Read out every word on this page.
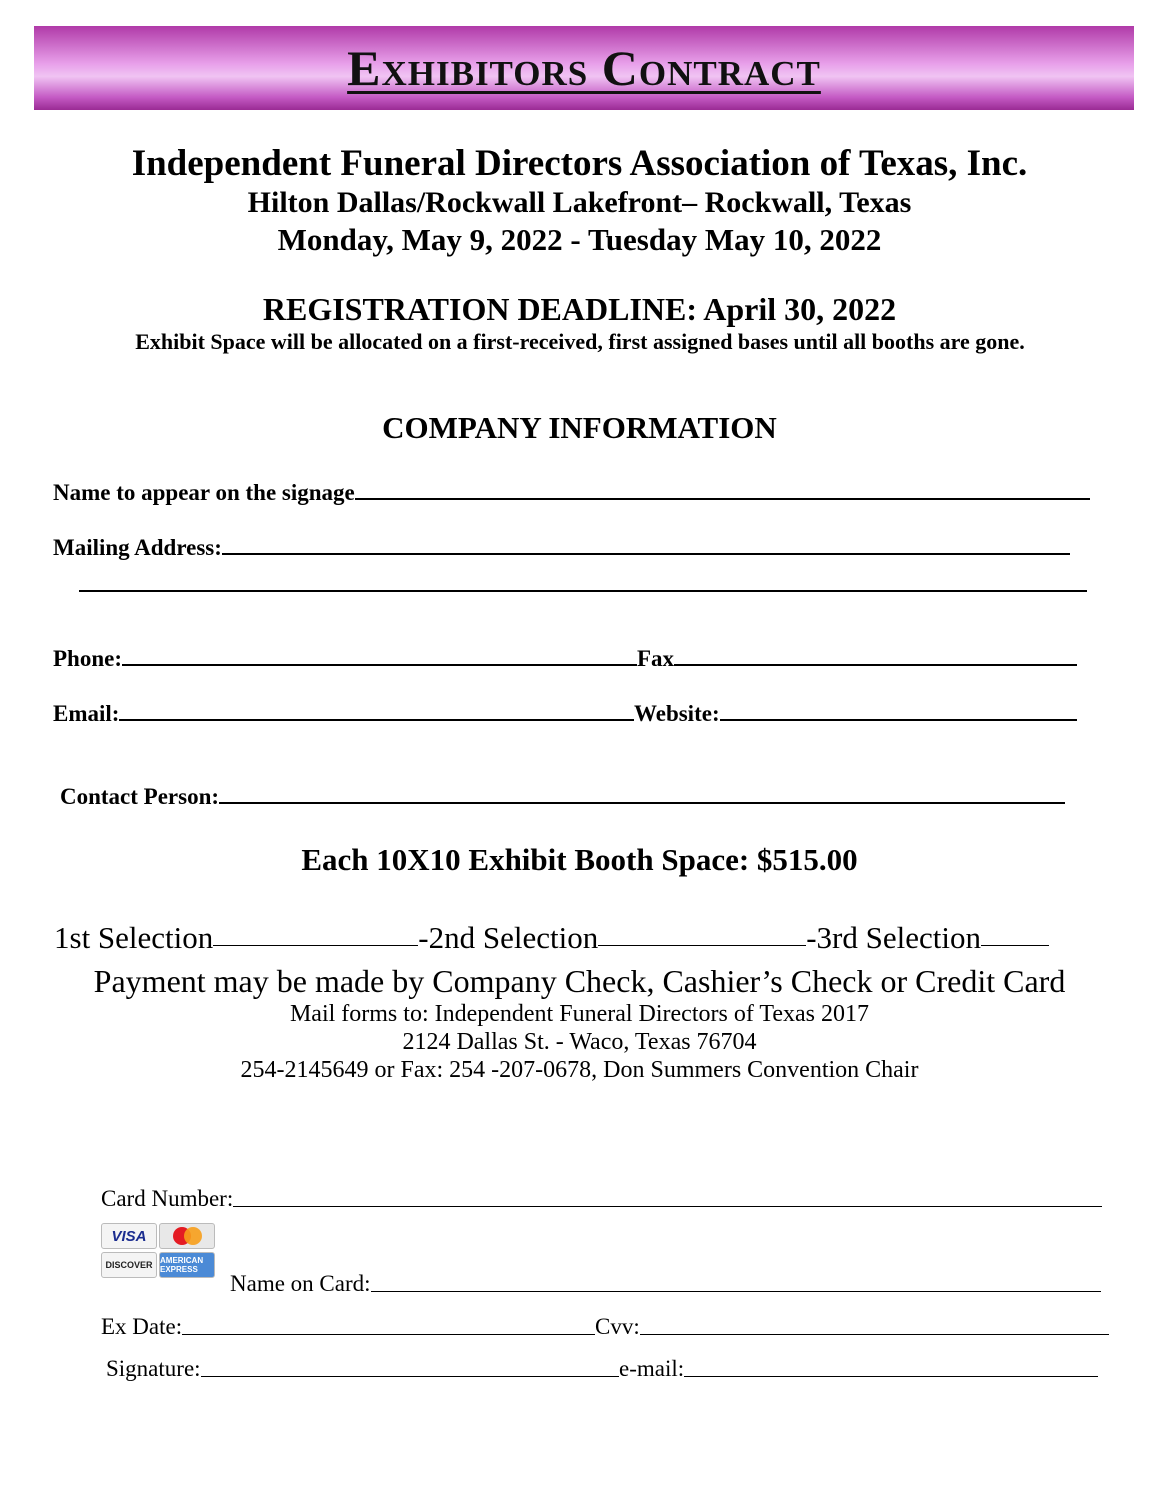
Exhibitors Contract
Independent Funeral Directors Association of Texas, Inc.
Hilton Dallas/Rockwall Lakefront– Rockwall, Texas
Monday, May 9, 2022 - Tuesday May 10, 2022
REGISTRATION DEADLINE: April 30, 2022
Exhibit Space will be allocated on a first-received, first assigned bases until all booths are gone.
COMPANY INFORMATION
Name to appear on the signage
Mailing Address:
Phone:	Fax
Email:	Website:
Contact Person:
Each 10X10 Exhibit Booth Space: $515.00
1st Selection	-2nd Selection	-3rd Selection
Payment may be made by Company Check, Cashier’s Check or Credit Card
Mail forms to: Independent Funeral Directors of Texas 2017
2124 Dallas St. - Waco, Texas 76704
254-2145649 or Fax: 254 -207-0678, Don Summers Convention Chair
Card Number:
VISA
DISCOVER AMERICAN EXPRESS
Name on Card:
Ex Date:	Cvv:
Signature:	e-mail:
